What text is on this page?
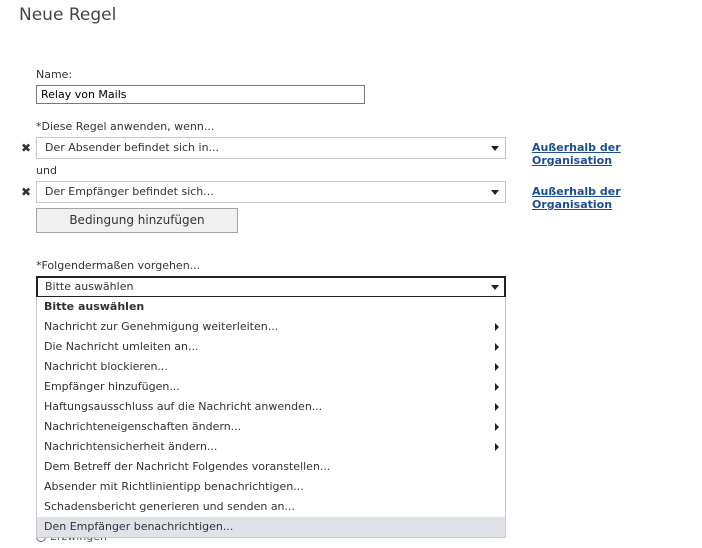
Neue Regel
Name:
Relay von Mails
*Diese Regel anwenden, wenn...
✖	Der Absender befindet sich in...	Außerhalb der Organisation
und
✖	Der Empfänger befindet sich...	Außerhalb der Organisation
Bedingung hinzufügen
*Folgendermaßen vorgehen...
Bitte auswählen
Bitte auswählen
Nachricht zur Genehmigung weiterleiten...
Die Nachricht umleiten an...
Nachricht blockieren...
Empfänger hinzufügen...
Haftungsausschluss auf die Nachricht anwenden...
Nachrichteneigenschaften ändern...
Nachrichtensicherheit ändern...
Dem Betreff der Nachricht Folgendes voranstellen...
Absender mit Richtlinientipp benachrichtigen...
Schadensbericht generieren und senden an...
Den Empfänger benachrichtigen...
